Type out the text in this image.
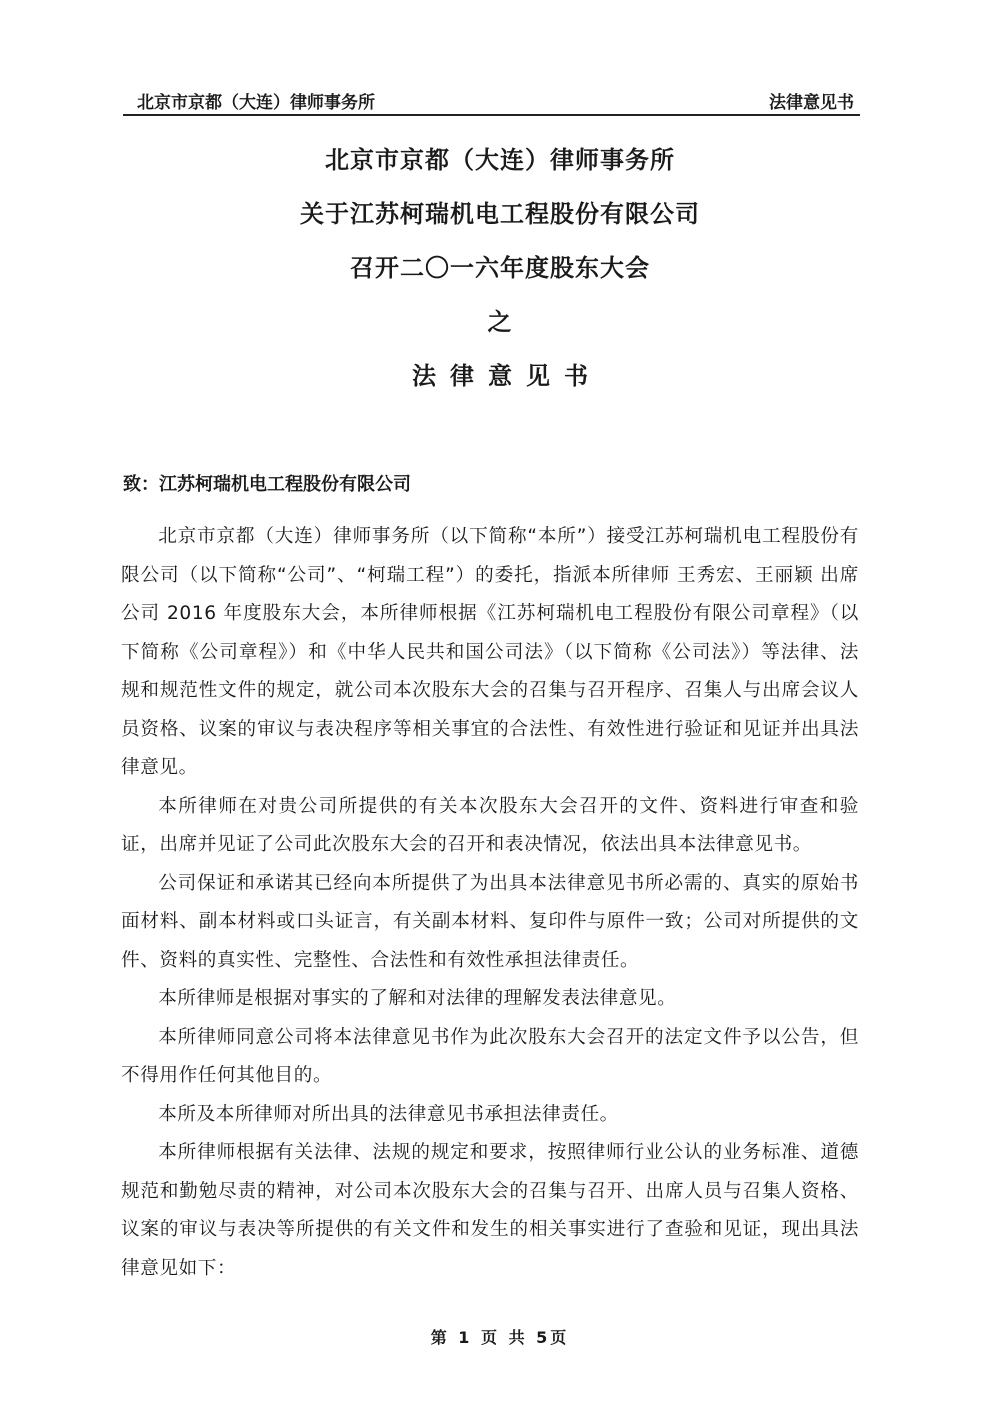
北京市京都（大连）律师事务所	法律意见书
北京市京都（大连）律师事务所
关于江苏柯瑞机电工程股份有限公司
召开二〇一六年度股东大会
之
法律意见书
致：江苏柯瑞机电工程股份有限公司

北京市京都（大连）律师事务所（以下简称“本所”）接受江苏柯瑞机电工程股份有限公司（以下简称“公司”、“柯瑞工程”）的委托，指派本所律师 王秀宏、王丽颖 出席公司 2016 年度股东大会，本所律师根据《江苏柯瑞机电工程股份有限公司章程》（以下简称《公司章程》）和《中华人民共和国公司法》（以下简称《公司法》）等法律、法规和规范性文件的规定，就公司本次股东大会的召集与召开程序、召集人与出席会议人员资格、议案的审议与表决程序等相关事宜的合法性、有效性进行验证和见证并出具法律意见。

本所律师在对贵公司所提供的有关本次股东大会召开的文件、资料进行审查和验证，出席并见证了公司此次股东大会的召开和表决情况，依法出具本法律意见书。

公司保证和承诺其已经向本所提供了为出具本法律意见书所必需的、真实的原始书面材料、副本材料或口头证言，有关副本材料、复印件与原件一致；公司对所提供的文件、资料的真实性、完整性、合法性和有效性承担法律责任。

本所律师是根据对事实的了解和对法律的理解发表法律意见。

本所律师同意公司将本法律意见书作为此次股东大会召开的法定文件予以公告，但不得用作任何其他目的。

本所及本所律师对所出具的法律意见书承担法律责任。

本所律师根据有关法律、法规的规定和要求，按照律师行业公认的业务标准、道德规范和勤勉尽责的精神，对公司本次股东大会的召集与召开、出席人员与召集人资格、议案的审议与表决等所提供的有关文件和发生的相关事实进行了查验和见证，现出具法律意见如下：

第 1 页 共 5页
